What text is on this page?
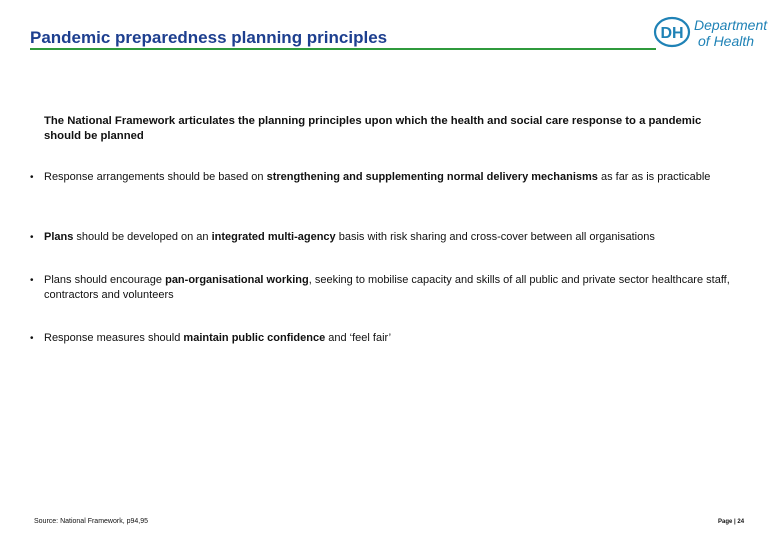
Pandemic preparedness planning principles	DH Department
of Health
The National Framework articulates the planning principles upon which the health and social care response to a pandemic should be planned
• Response arrangements should be based on strengthening and supplementing normal delivery mechanisms as far as is practicable
• Plans should be developed on an integrated multi-agency basis with risk sharing and cross-cover between all organisations
• Plans should encourage pan-organisational working, seeking to mobilise capacity and skills of all public and private sector healthcare staff, contractors and volunteers
• Response measures should maintain public confidence and ‘feel fair’
Source: National Framework, p94,95	Page | 24
